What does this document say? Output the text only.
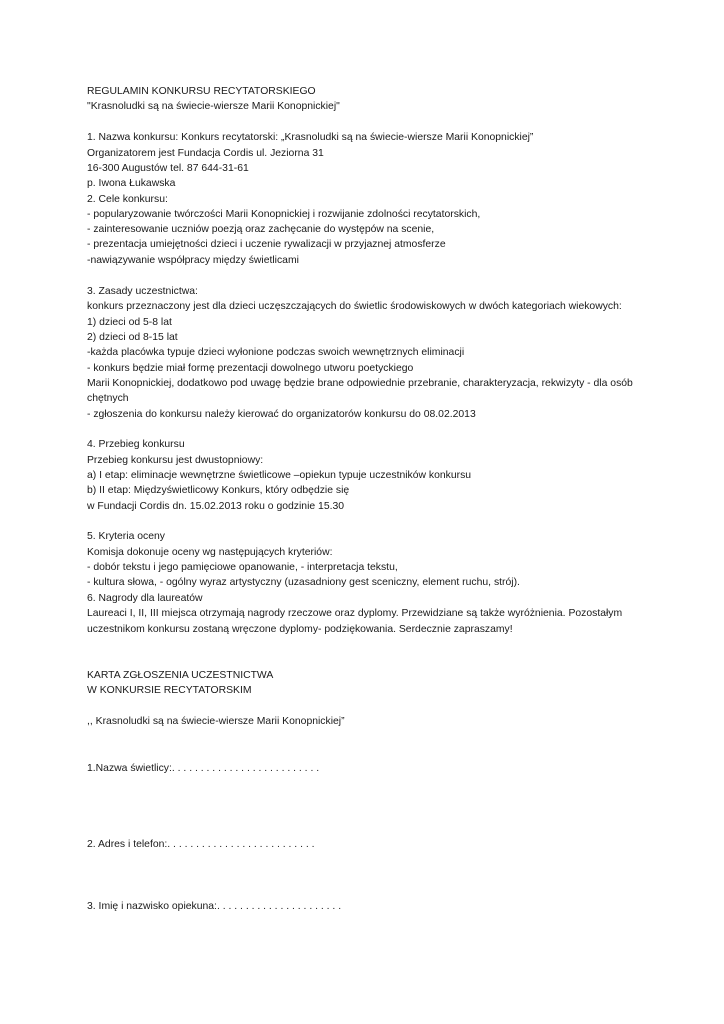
REGULAMIN KONKURSU RECYTATORSKIEGO
"Krasnoludki są na świecie-wiersze Marii Konopnickiej"
1. Nazwa konkursu: Konkurs recytatorski: „Krasnoludki są na świecie-wiersze Marii Konopnickiej”
Organizatorem jest Fundacja Cordis ul. Jeziorna 31
16-300 Augustów tel. 87 644-31-61
p. Iwona Łukawska
2. Cele konkursu:
- popularyzowanie twórczości Marii Konopnickiej i rozwijanie zdolności recytatorskich,
- zainteresowanie uczniów poezją oraz zachęcanie do występów na scenie,
- prezentacja umiejętności dzieci i uczenie rywalizacji w przyjaznej atmosferze
-nawiązywanie współpracy między świetlicami
3. Zasady uczestnictwa:
konkurs przeznaczony jest dla dzieci uczęszczających do świetlic środowiskowych w dwóch kategoriach wiekowych:
1) dzieci od 5-8 lat
2) dzieci od 8-15 lat
-każda placówka typuje dzieci wyłonione podczas swoich wewnętrznych eliminacji
- konkurs będzie miał formę prezentacji dowolnego utworu poetyckiego
Marii Konopnickiej, dodatkowo pod uwagę będzie brane odpowiednie przebranie, charakteryzacja, rekwizyty - dla osób
chętnych
- zgłoszenia do konkursu należy kierować do organizatorów konkursu do 08.02.2013
4. Przebieg konkursu
Przebieg konkursu jest dwustopniowy:
a) I etap: eliminacje wewnętrzne świetlicowe –opiekun typuje uczestników konkursu
b) II etap: Międzyświetlicowy Konkurs, który odbędzie się
w Fundacji Cordis dn. 15.02.2013 roku o godzinie 15.30
5. Kryteria oceny
Komisja dokonuje oceny wg następujących kryteriów:
- dobór tekstu i jego pamięciowe opanowanie, - interpretacja tekstu,
- kultura słowa, - ogólny wyraz artystyczny (uzasadniony gest sceniczny, element ruchu, strój).
6. Nagrody dla laureatów
Laureaci I, II, III miejsca otrzymają nagrody rzeczowe oraz dyplomy. Przewidziane są także wyróżnienia. Pozostałym
uczestnikom konkursu zostaną wręczone dyplomy- podziękowania. Serdecznie zapraszamy!
KARTA ZGŁOSZENIA UCZESTNICTWA
W KONKURSIE RECYTATORSKIM
,, Krasnoludki są na świecie-wiersze Marii Konopnickiej”
1.Nazwa świetlicy:. . . . . . . . . . . . . . . . . . . . . . . . . .
2. Adres i telefon:. . . . . . . . . . . . . . . . . . . . . . . . . .
3. Imię i nazwisko opiekuna:. . . . . . . . . . . . . . . . . . . . . .
